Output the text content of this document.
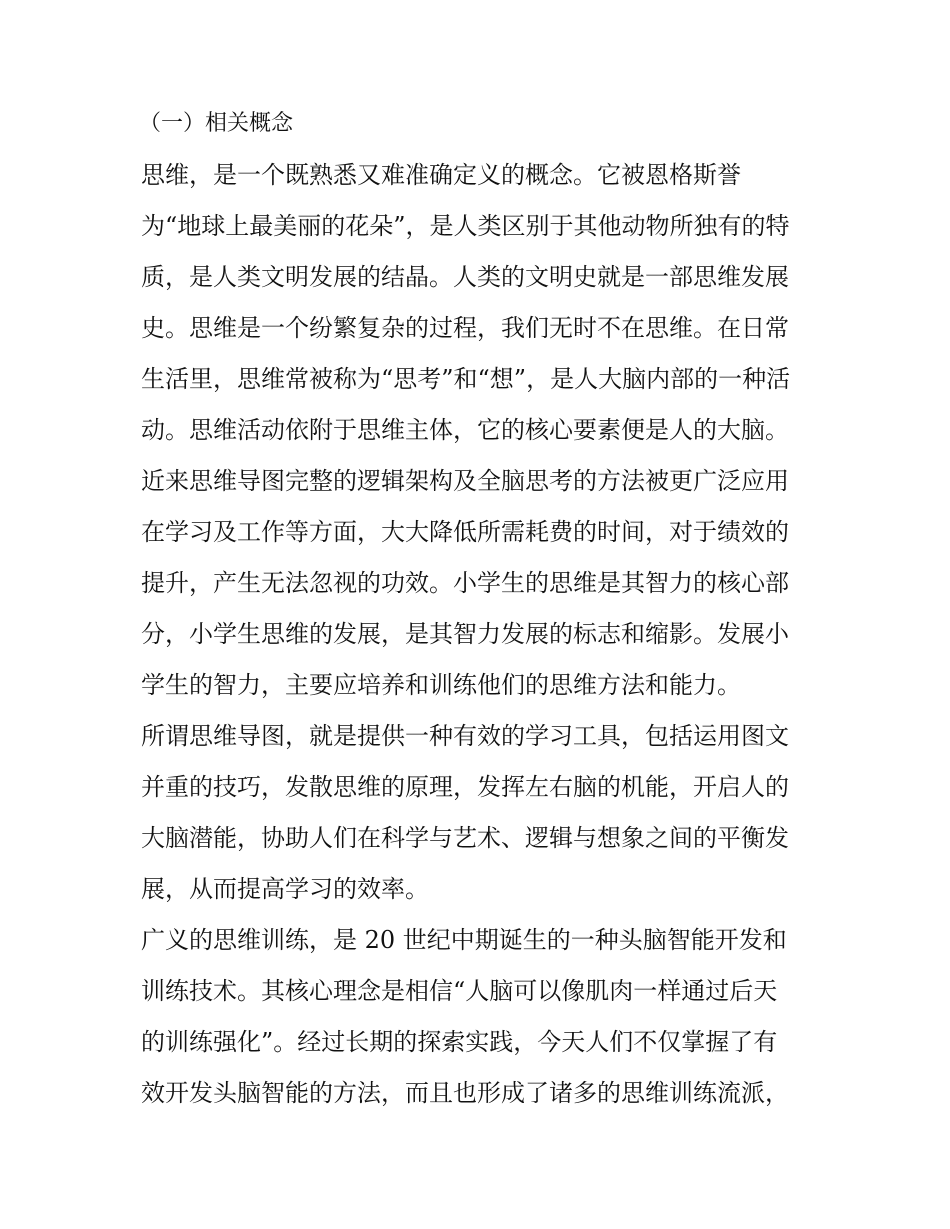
（一）相关概念

思维，是一个既熟悉又难准确定义的概念。它被恩格斯誉

为“地球上最美丽的花朵”，是人类区别于其他动物所独有的特

质，是人类文明发展的结晶。人类的文明史就是一部思维发展

史。思维是一个纷繁复杂的过程，我们无时不在思维。在日常

生活里，思维常被称为“思考”和“想”，是人大脑内部的一种活

动。思维活动依附于思维主体，它的核心要素便是人的大脑。

近来思维导图完整的逻辑架构及全脑思考的方法被更广泛应用

在学习及工作等方面，大大降低所需耗费的时间，对于绩效的

提升，产生无法忽视的功效。小学生的思维是其智力的核心部

分，小学生思维的发展，是其智力发展的标志和缩影。发展小

学生的智力，主要应培养和训练他们的思维方法和能力。

所谓思维导图，就是提供一种有效的学习工具，包括运用图文

并重的技巧，发散思维的原理，发挥左右脑的机能，开启人的

大脑潜能，协助人们在科学与艺术、逻辑与想象之间的平衡发

展，从而提高学习的效率。

广义的思维训练，是 20 世纪中期诞生的一种头脑智能开发和

训练技术。其核心理念是相信“人脑可以像肌肉一样通过后天

的训练强化”。经过长期的探索实践，今天人们不仅掌握了有

效开发头脑智能的方法，而且也形成了诸多的思维训练流派，
